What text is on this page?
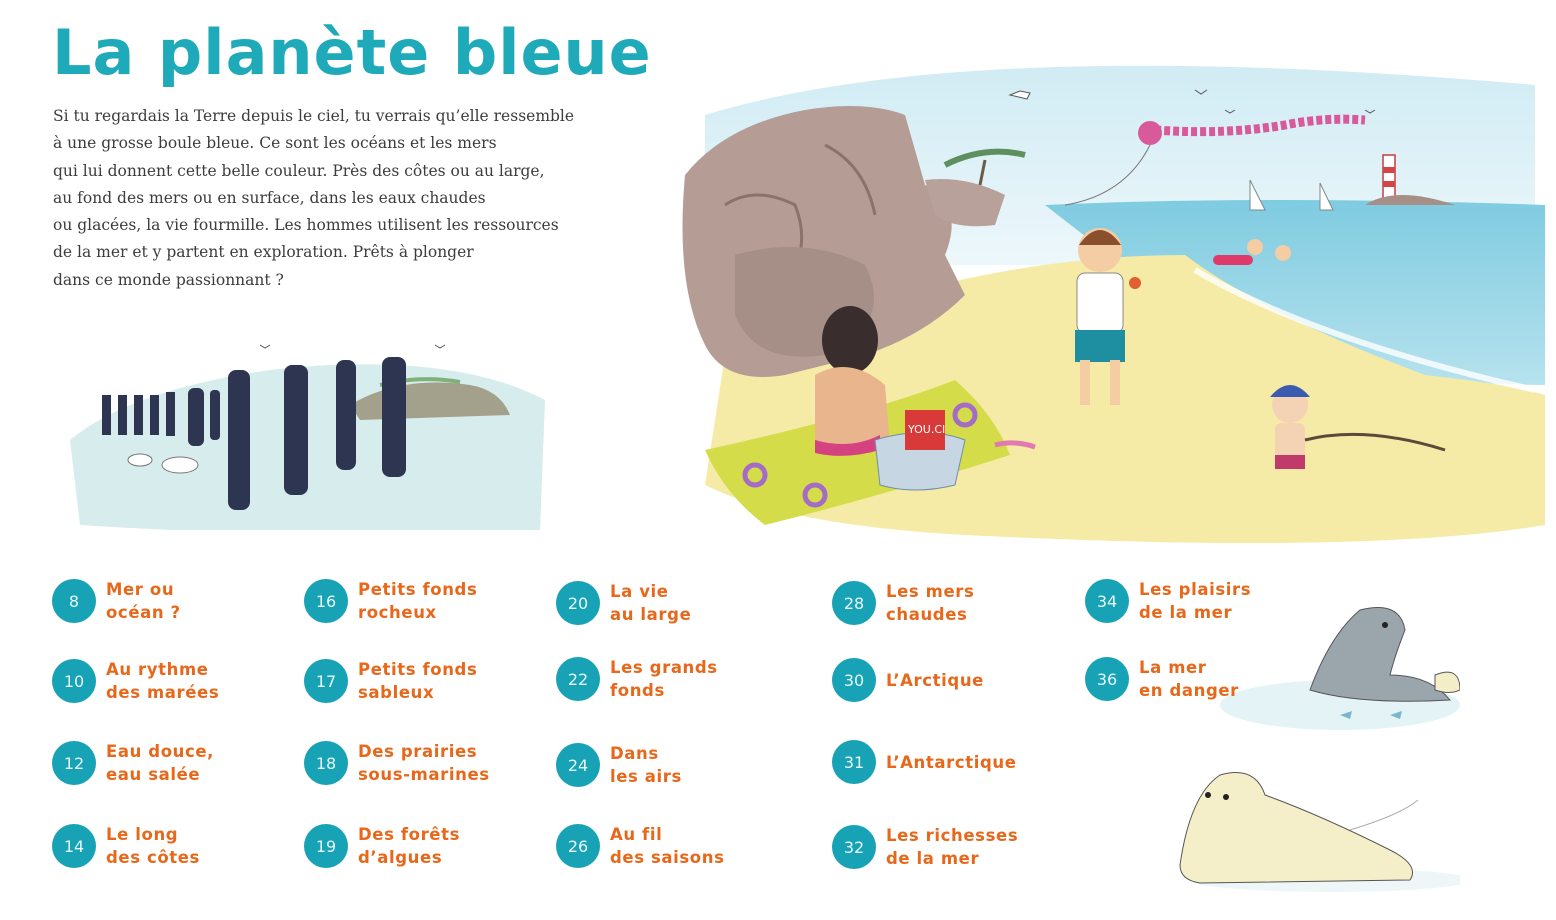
La planète bleue
Si tu regardais la Terre depuis le ciel, tu verrais qu’elle ressemble
à une grosse boule bleue. Ce sont les océans et les mers
qui lui donnent cette belle couleur. Près des côtes ou au large,
au fond des mers ou en surface, dans les eaux chaudes
ou glacées, la vie fourmille. Les hommes utilisent les ressources
de la mer et y partent en exploration. Prêts à plonger
dans ce monde passionnant ?
YOU.CI
8
Mer ou
océan ?
10
Au rythme
des marées
12
Eau douce,
eau salée
14
Le long
des côtes
16
Petits fonds
rocheux
17
Petits fonds
sableux
18
Des prairies
sous-marines
19
Des forêts
d’algues
20
La vie
au large
22
Les grands
fonds
24
Dans
les airs
26
Au fil
des saisons
28
Les mers
chaudes
30	L’Arctique
31	L’Antarctique
32
Les richesses
de la mer
34
Les plaisirs
de la mer
36
La mer
en danger
